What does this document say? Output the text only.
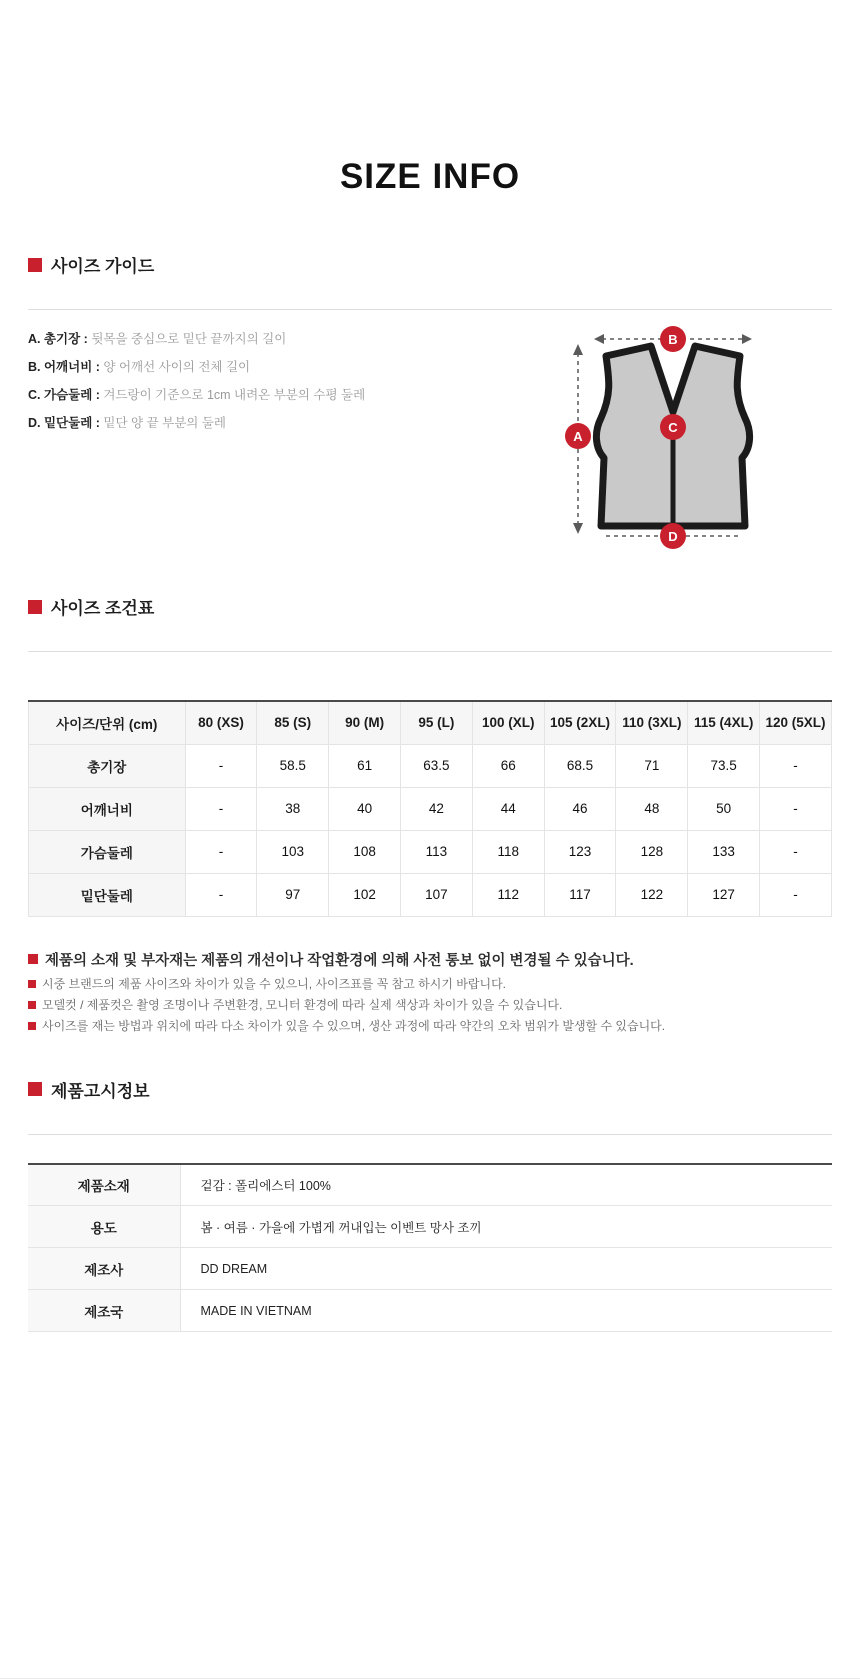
SIZE INFO
사이즈 가이드
A. 총기장 : 뒷목을 중심으로 밑단 끝까지의 길이
B. 어깨너비 : 양 어깨선 사이의 전체 길이
C. 가슴둘레 : 겨드랑이 기준으로 1cm 내려온 부분의 수평 둘레
D. 밑단둘레 : 밑단 양 끝 부분의 둘레
A
B
C
D
사이즈 조건표
사이즈/단위 (cm)	80 (XS)	85 (S)	90 (M)	95 (L)	100 (XL)	105 (2XL)	110 (3XL)	115 (4XL)	120 (5XL)
총기장	-	58.5	61	63.5	66	68.5	71	73.5	-
어깨너비	-	38	40	42	44	46	48	50	-
가슴둘레	-	103	108	113	118	123	128	133	-
밑단둘레	-	97	102	107	112	117	122	127	-
제품의 소재 및 부자재는 제품의 개선이나 작업환경에 의해 사전 통보 없이 변경될 수 있습니다.
시중 브랜드의 제품 사이즈와 차이가 있을 수 있으니, 사이즈표를 꼭 참고 하시기 바랍니다.
모델컷 / 제품컷은 촬영 조명이나 주변환경, 모니터 환경에 따라 실제 색상과 차이가 있을 수 있습니다.
사이즈를 재는 방법과 위치에 따라 다소 차이가 있을 수 있으며, 생산 과정에 따라 약간의 오차 범위가 발생할 수 있습니다.
제품고시정보
제품소재	겉감 : 폴리에스터 100%
용도	봄 · 여름 · 가을에 가볍게 꺼내입는 이벤트 망사 조끼
제조사	DD DREAM
제조국	MADE IN VIETNAM
